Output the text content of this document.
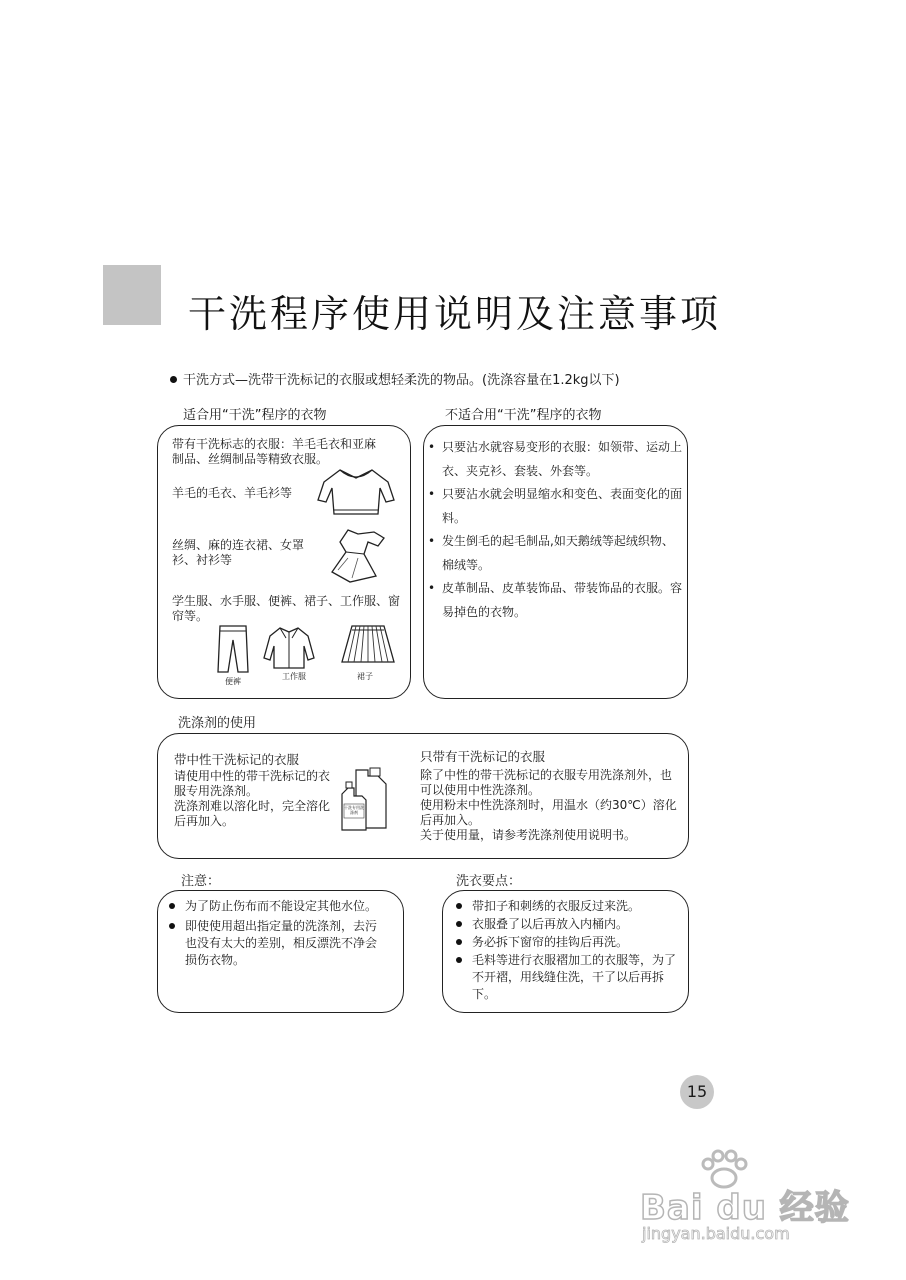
干洗程序使用说明及注意事项
干洗方式—洗带干洗标记的衣服或想轻柔洗的物品。(洗涤容量在1.2kg以下)
适合用“干洗”程序的衣物	不适合用“干洗”程序的衣物
带有干洗标志的衣服：羊毛毛衣和亚麻制品、丝绸制品等精致衣服。
羊毛的毛衣、羊毛衫等
丝绸、麻的连衣裙、女罩衫、衬衫等
学生服、水手服、便裤、裙子、工作服、窗帘等。
便裤
工作服	裙子
• 只要沾水就容易变形的衣服：如领带、运动上衣、夹克衫、套装、外套等。
• 只要沾水就会明显缩水和变色、表面变化的面料。
• 发生倒毛的起毛制品,如天鹅绒等起绒织物、棉绒等。
• 皮革制品、皮革装饰品、带装饰品的衣服。容易掉色的衣物。
洗涤剂的使用
带中性干洗标记的衣服
请使用中性的带干洗标记的衣服专用洗涤剂。
洗涤剂难以溶化时，完全溶化后再加入。
干洗专用洗涤剂
只带有干洗标记的衣服
除了中性的带干洗标记的衣服专用洗涤剂外，也可以使用中性洗涤剂。
使用粉末中性洗涤剂时，用温水（约30℃）溶化后再加入。
关于使用量，请参考洗涤剂使用说明书。
注意：
为了防止伤布而不能设定其他水位。
即使使用超出指定量的洗涤剂，去污也没有太大的差别，相反漂洗不净会损伤衣物。
洗衣要点：
带扣子和刺绣的衣服反过来洗。
衣服叠了以后再放入内桶内。
务必拆下窗帘的挂钩后再洗。
毛料等进行衣服褶加工的衣服等，为了不开褶，用线缝住洗，干了以后再拆下。
15
Bai du 经验
jingyan.baidu.com
